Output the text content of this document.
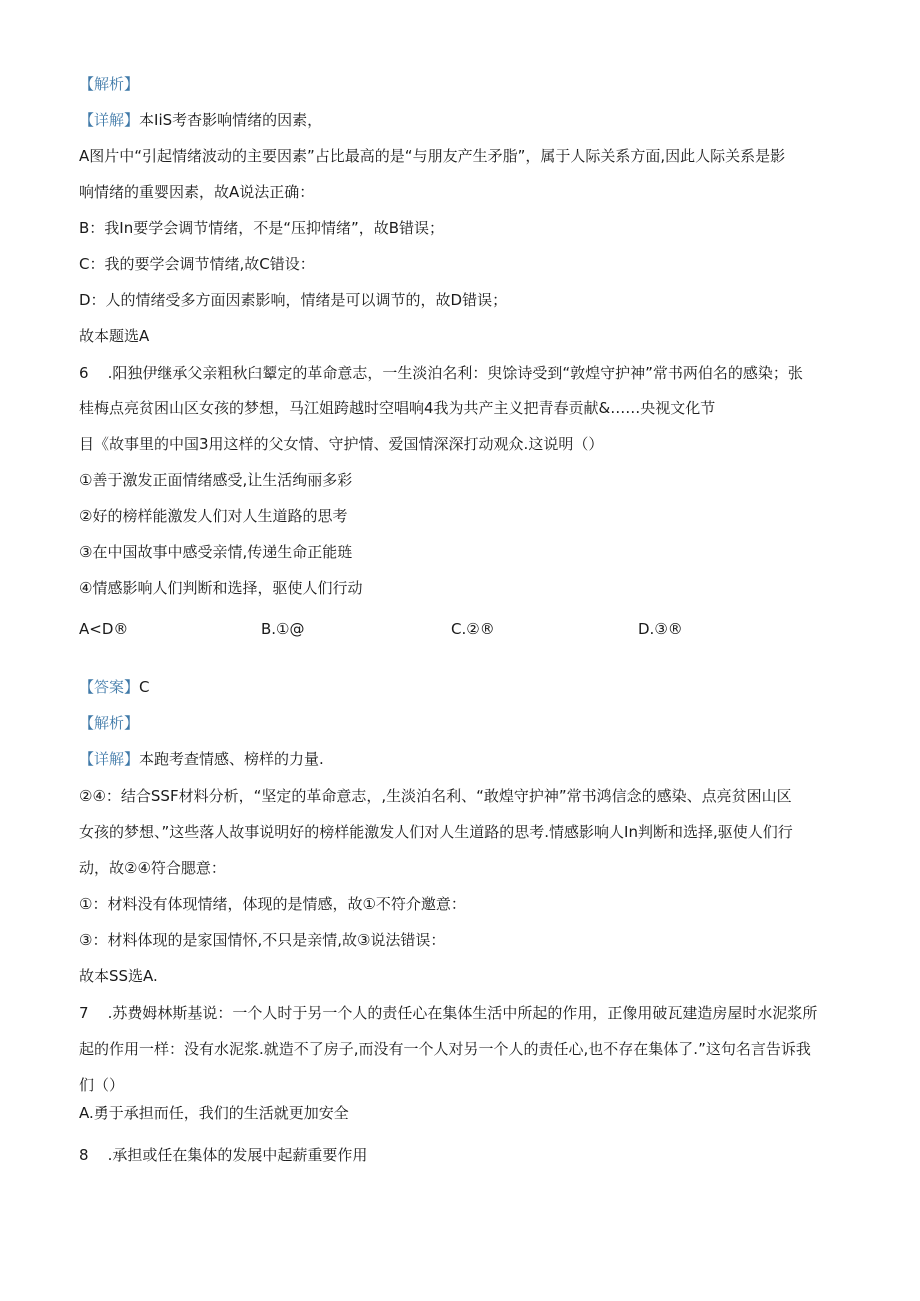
【解析】

【详解】本IiS考杳影响情绪的因素，

A图片中“引起情绪波动的主要因素”占比最高的是“与朋友产生矛脂”，属于人际关系方面,因此人际关系是影

响情绪的重婴因素，故A说法正确：

B：我In要学会调节情绪，不是“压抑情绪”，故B错误；

C：我的要学会调节情绪,故C错设：

D：人的情绪受多方面因素影响，情绪是可以调节的，故D错误；

故本题选A

6    .阳独伊继承父亲粗秋臼颦定的革命意志，一生淡泊名利：臾馀诗受到“敦煌守护神”常书两伯名的感染；张

桂梅点亮贫困山区女孩的梦想，马江姐跨越时空唱响4我为共产主义把青春贡献&……央视文化节

目《故事里的中国3用这样的父女情、守护情、爱国情深深打动观众.这说明（）

①善于激发正面情绪感受,让生活绚丽多彩

②好的榜样能激发人们对人生道路的思考

③在中国故事中感受亲情,传递生命正能琏

④情感影响人们判断和选择，驱使人们行动

A<D®	B.①@	C.②®	D.③®

【答案】C

【解析】

【详解】本跑考查情感、榜样的力量.

②④：结合SSF材料分析，“坚定的革命意志，,生淡泊名利、“敢煌守护神”常书鸿信念的感染、点亮贫困山区

女孩的梦想、”这些落人故事说明好的榜样能激发人们对人生道路的思考.情感影响人In判断和选择,驱使人们行

动，故②④符合腮意：

①：材料没有体现情绪，体现的是情感，故①不符介邀意：

③：材料体现的是家国情怀,不只是亲情,故③说法错误：

故本SS选A.

7    .苏费姆林斯基说：一个人时于另一个人的责任心在集体生活中所起的作用，正像用破瓦建造房屋时水泥浆所

起的作用一样：没有水泥浆.就造不了房子,而没有一个人对另一个人的责任心,也不存在集体了.”这句名言告诉我

们（）

A.勇于承担而任，我们的生活就更加安全

8    .承担或任在集体的发展中起薪重要作用
